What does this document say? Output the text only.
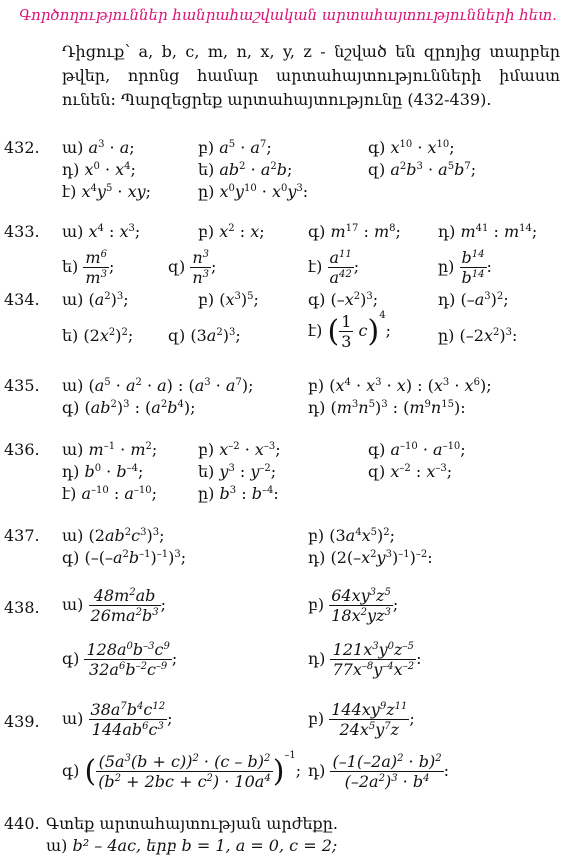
Գործողություններ հանրահաշվական արտահայտությունների հետ.
Դիցուք՝ a, b, c, m, n, x, y, z - նշված են զրոյից տարբեր թվեր, որոնց համար արտահայտությունների իմաստ ունեն: Պարզեցրեք արտահայտությունը (432-439).
432. ա) $a^3 \cdot a$;	բ) $a^5 \cdot a^7$;	գ) $x^{10} \cdot x^{10}$;
դ) $x^0 \cdot x^4$;	ե) $ab^2 \cdot a^2b$;	զ) $a^2b^3 \cdot a^5b^7$;
է) $x^4y^5$ · xy;	ը) $x^0y^{10} \cdot x^0y^3$:
433. ա) $x^4$ : $x^3$;	բ) $x^2$ : x;	գ) $m^{17}$ : $m^8$; դ) $m^{41}$ : $m^{14}$;
ե) $\frac{m^6}{m^3}$ ;	զ) $\frac{n^3}{n^3}$ ;	է) $\frac{a^{11}}{a^{42}}$ ;	ը) $\frac{b^{14}}{b^{14}}$ :
434. ա) $(a^2)^3$;	բ) $(x^3)^5$;	գ) $(-x^2)^3$;	դ) $(-a^3)^2$;
ե) $(2x^2)^2$; զ) $(3a^2)^3$;	է) ( $\frac{1}{3} c)^4$;	ը) $(-2x^2)^3$:
435. ա) $(a^5 \cdot a^2 \cdot a)$ : $(a^3 \cdot a^7)$;	բ) $(x^4 \cdot x^3 \cdot x)$ : $(x^3 \cdot x^6)$;
գ) $(ab^2)^3$ : $(a^2b^4)$;	դ) $(m^3n^5)^3$ : $(m^9n^{15})$:
436. ա) $m^{-1} \cdot m^2$;	բ) $x^{-2} \cdot x^{-3}$;	գ) $a^{-10} \cdot a^{-10}$;
դ) $b^0 \cdot b^{-4}$;	ե) $y^3$ : $y^{-2}$;	զ) $x^{-2}$ : $x^{-3}$;
է) $a^{-10}$ : $a^{-10}$;	ը) $b^3$ : $b^{-4}$:
437. ա) $(2ab^2c^3)^3$;	բ) $(3a^4x^5)^2$;
գ) $(-(-a^2b^{-1})^{-1})^3$;	դ) $(2(-x^2y^3)^{-1})^{-2}$:
438. ա) $\frac{48m^2ab}{26ma^2b^3}$ ;	բ) $\frac{64xy^3z^5}{18x^2yz^3}$ ;
գ) $\frac{128a^0b^{-3}c^9}{32a^6b^{-2}c^{-9}}$ ;	դ) $\frac{121x^3y^0z^{-5}}{77x^{-8}y^{-4}x^{-2}}$ :
439. ա) $\frac{38a^7b^4c^{12}}{144ab^6c^3}$ ;	բ) $\frac{144xy^9z^{11}}{24x^5y^7z}$ ;
գ) ( $\frac{(5a^3(b + c))^2 \cdot (c - b)^2}{(b^2 + 2bc + c^2) \cdot 10a^4} )^{-1}$; դ) $\frac{(-1(-2a)^2 \cdot b)^2}{(-2a^2)^3 \cdot b^4}$ :
440. Գտեք արտահայտության արժեքը.
ա) b² – 4ac, երբ b = 1, a = 0, c = 2;
